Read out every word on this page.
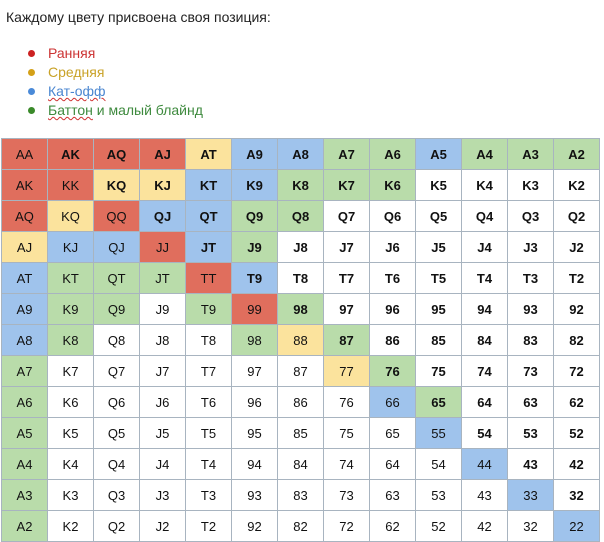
Каждому цвету присвоена своя позиция:
Ранняя
Средняя
Кат-офф
Баттон и малый блайнд
AA	AK	AQ	AJ	AT	A9	A8	A7	A6	A5	A4	A3	A2
AK	KK	KQ	KJ	KT	K9	K8	K7	K6	K5	K4	K3	K2
AQ	KQ	QQ	QJ	QT	Q9	Q8	Q7	Q6	Q5	Q4	Q3	Q2
AJ	KJ	QJ	JJ	JT	J9	J8	J7	J6	J5	J4	J3	J2
AT	KT	QT	JT	TT	T9	T8	T7	T6	T5	T4	T3	T2
A9	K9	Q9	J9	T9	99	98	97	96	95	94	93	92
A8	K8	Q8	J8	T8	98	88	87	86	85	84	83	82
A7	K7	Q7	J7	T7	97	87	77	76	75	74	73	72
A6	K6	Q6	J6	T6	96	86	76	66	65	64	63	62
A5	K5	Q5	J5	T5	95	85	75	65	55	54	53	52
A4	K4	Q4	J4	T4	94	84	74	64	54	44	43	42
A3	K3	Q3	J3	T3	93	83	73	63	53	43	33	32
A2	K2	Q2	J2	T2	92	82	72	62	52	42	32	22
